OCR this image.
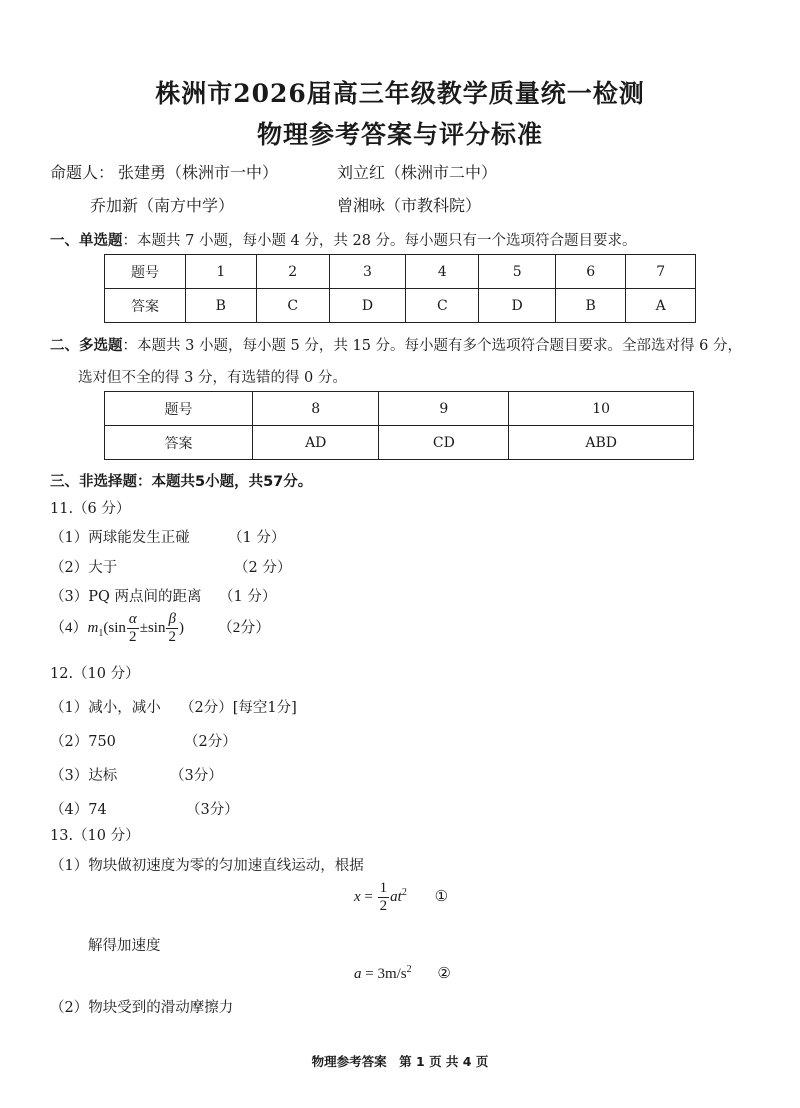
株洲市2026届高三年级教学质量统一检测
物理参考答案与评分标准
命题人： 张建勇（株洲市一中）	刘立红（株洲市二中）
乔加新（南方中学）	曾湘咏（市教科院）
一、单选题：本题共 7 小题，每小题 4 分，共 28 分。每小题只有一个选项符合题目要求。
题号	1	2	3	4	5	6	7
答案	B	C	D	C	D	B	A
二、多选题：本题共 3 小题，每小题 5 分，共 15 分。每小题有多个选项符合题目要求。全部选对得 6 分，
选对但不全的得 3 分，有选错的得 0 分。
题号	8	9	10
答案	AD	CD	ABD
三、非选择题：本题共5小题，共57分。
11.（6 分）
（1）两球能发生正碰	（1 分）
（2）大于	（2 分）
（3）PQ 两点间的距离 （1 分）
$(4)m_1(\sin \frac{\alpha}{2} \pm\sin \frac{\beta}{2}$ ) （2分）
12.（10 分）
（1）减小，减小 （2分）[每空1分]
（2）750	（2分）
（3）达标	（3分）
（4）74	（3分）
13.（10 分）
（1）物块做初速度为零的匀加速直线运动，根据
$x = \frac{1}{2} at^2$ ①
解得加速度
$a = 3m/s^2$ ②
（2）物块受到的滑动摩擦力
物理参考答案　第 1 页 共 4 页
